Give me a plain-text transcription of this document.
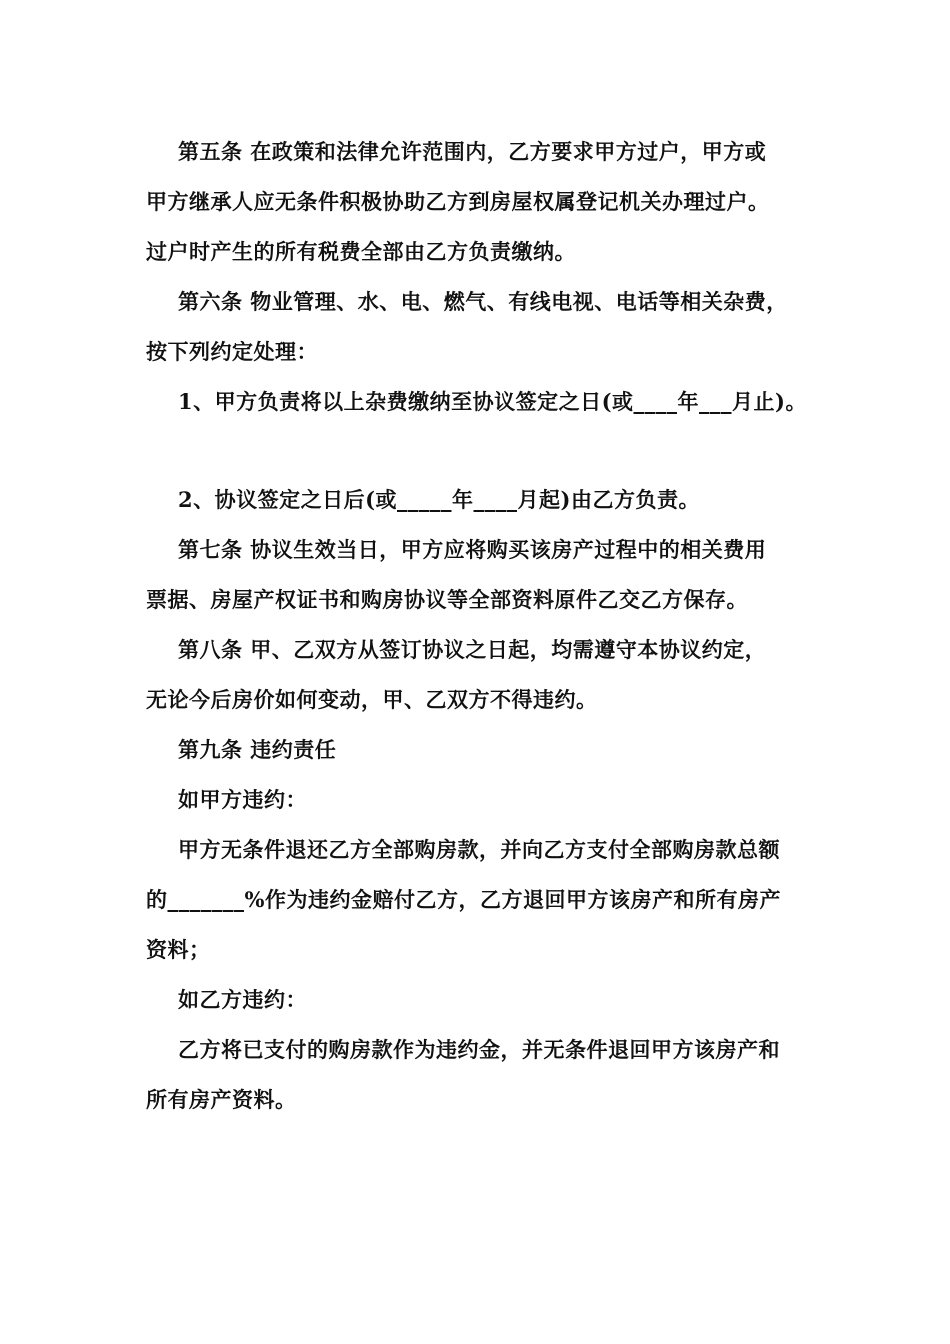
第五条 在政策和法律允许范围内，乙方要求甲方过户，甲方或
甲方继承人应无条件积极协助乙方到房屋权属登记机关办理过户。
过户时产生的所有税费全部由乙方负责缴纳。
第六条 物业管理、水、电、燃气、有线电视、电话等相关杂费，
按下列约定处理：
1、甲方负责将以上杂费缴纳至协议签定之日(或____年___月止)。
2、协议签定之日后(或_____年____月起)由乙方负责。
第七条 协议生效当日，甲方应将购买该房产过程中的相关费用
票据、房屋产权证书和购房协议等全部资料原件乙交乙方保存。
第八条 甲、乙双方从签订协议之日起，均需遵守本协议约定，
无论今后房价如何变动，甲、乙双方不得违约。
第九条 违约责任
如甲方违约：
甲方无条件退还乙方全部购房款，并向乙方支付全部购房款总额
的_______%作为违约金赔付乙方，乙方退回甲方该房产和所有房产
资料；
如乙方违约：
乙方将已支付的购房款作为违约金，并无条件退回甲方该房产和
所有房产资料。
